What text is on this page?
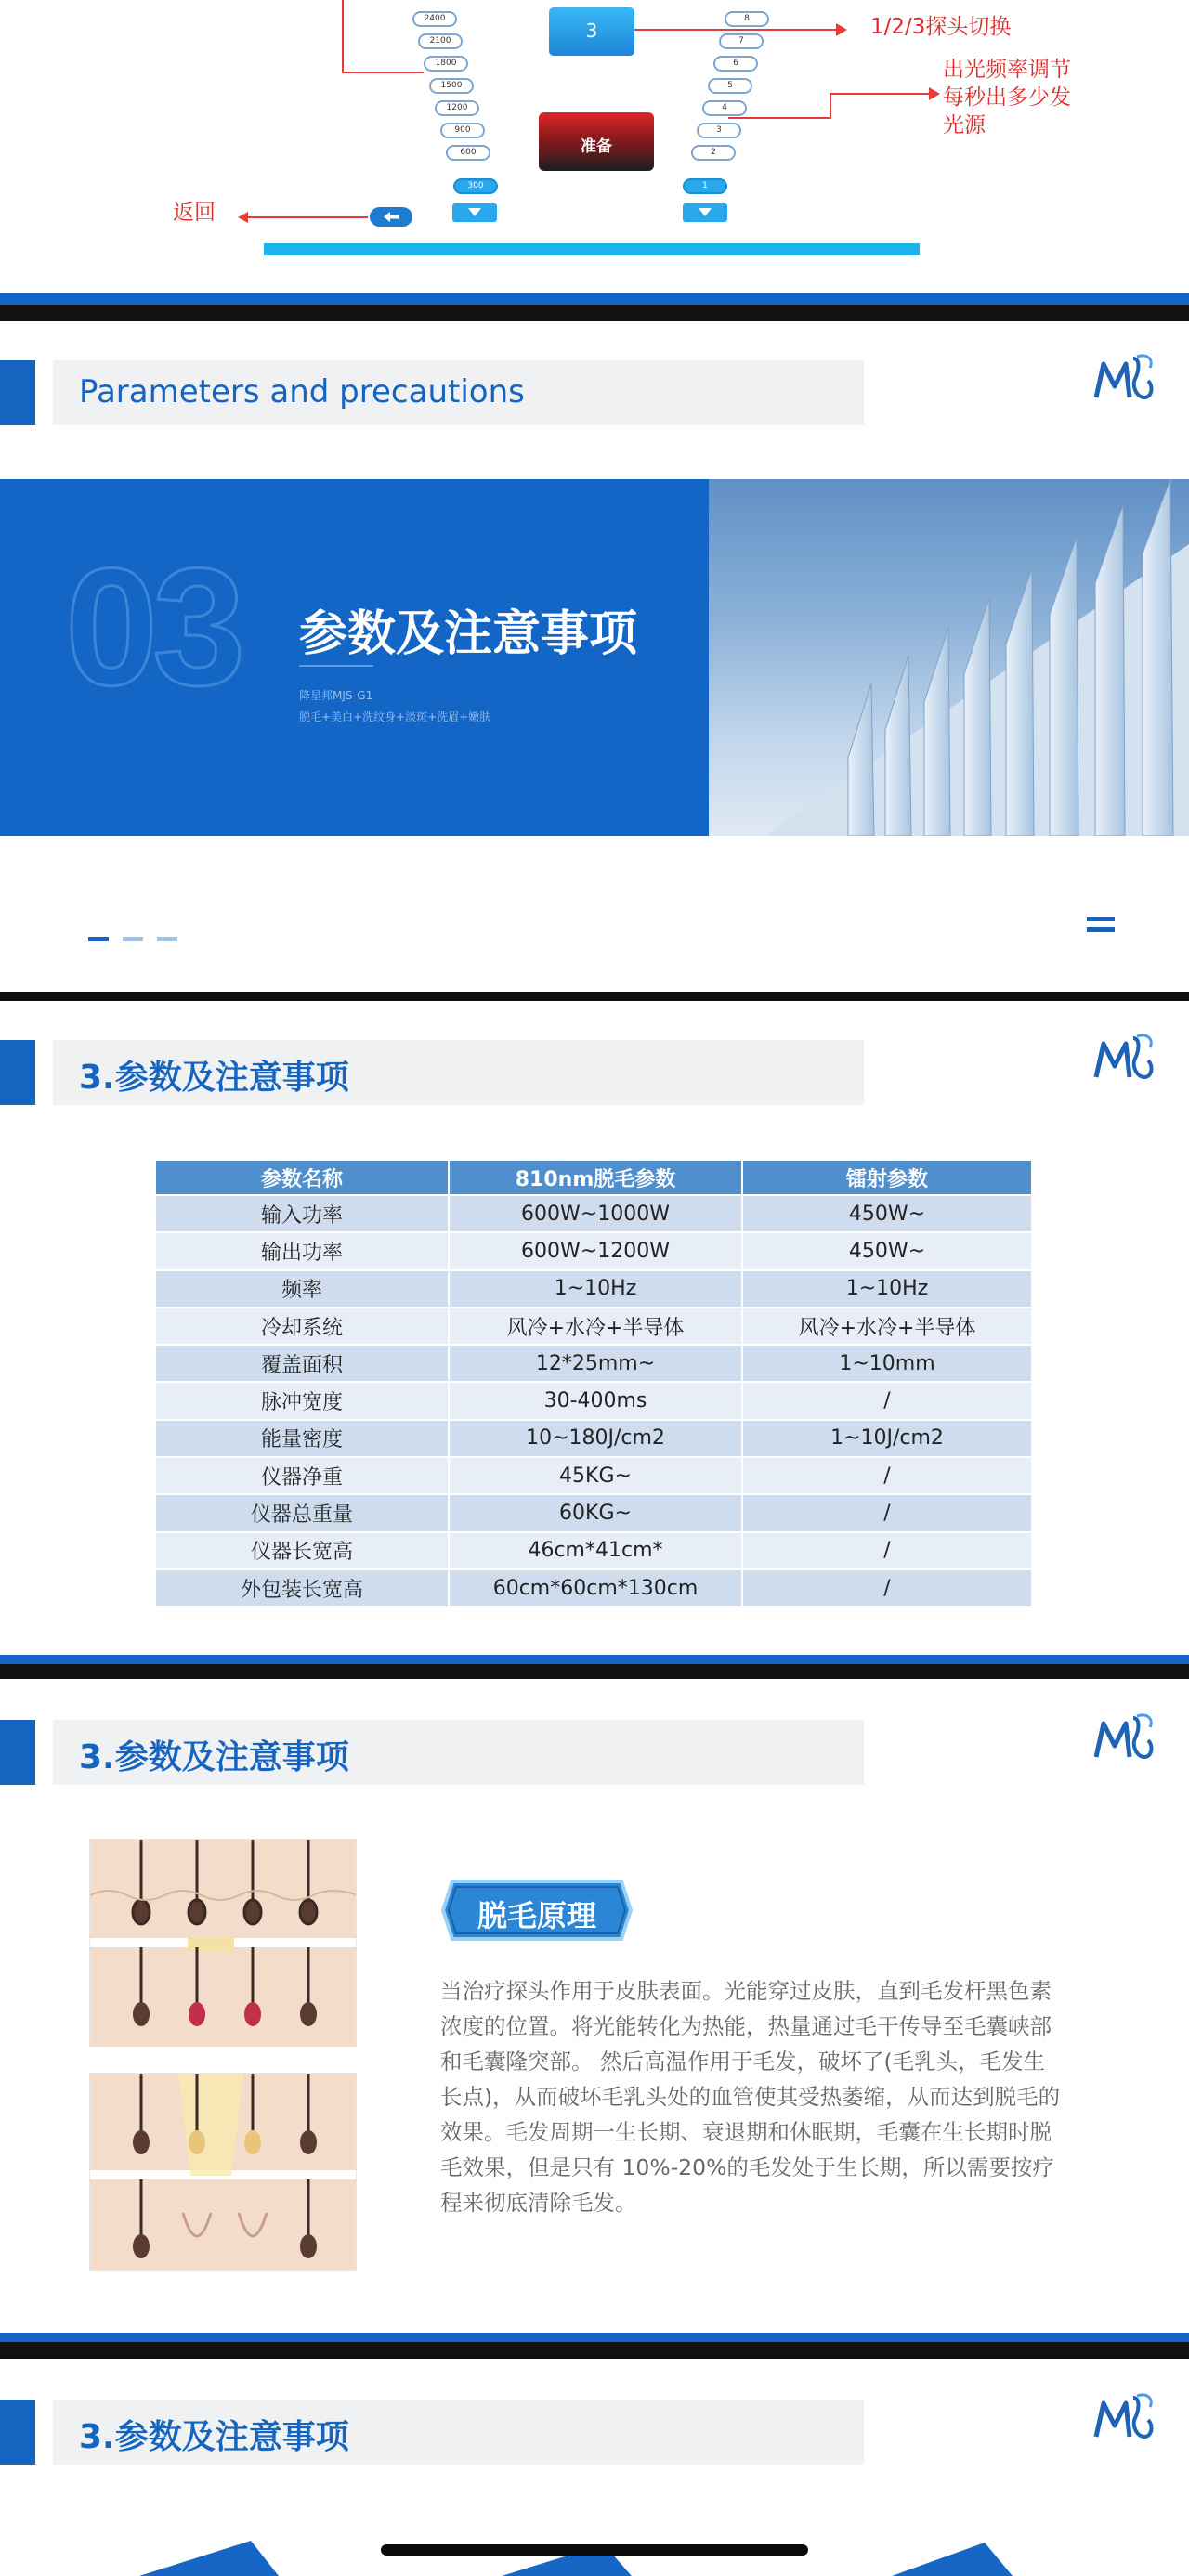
2400
2100
1800
1500
1200
900
600
300
8
7
6
5
4
3
2
1
3	1/2/3探头切换
出光频率调节
每秒出多少发
光源
准备
返回
Parameters and precautions
03 参数及注意事项
降星邦MJS-G1
脱毛+美白+洗纹身+淡斑+洗眉+嫩肤
3.参数及注意事项
参数名称	810nm脱毛参数	镭射参数
输入功率	600W~1000W	450W~
输出功率	600W~1200W	450W~
频率	1~10Hz	1~10Hz
冷却系统	风冷+水冷+半导体	风冷+水冷+半导体
覆盖面积	12*25mm~	1~10mm
脉冲宽度	30-400ms	/
能量密度	10~180J/cm2	1~10J/cm2
仪器净重	45KG~	/
仪器总重量	60KG~	/
仪器长宽高	46cm*41cm*	/
外包装长宽高	60cm*60cm*130cm	/
3.参数及注意事项
脱毛原理
当治疗探头作用于皮肤表面。光能穿过皮肤，直到毛发杆黑色素浓度的位置。将光能转化为热能，热量通过毛干传导至毛囊峡部和毛囊隆突部。 然后高温作用于毛发，破坏了(毛乳头，毛发生长点)，从而破坏毛乳头处的血管使其受热萎缩，从而达到脱毛的效果。毛发周期一生长期、衰退期和休眠期，毛囊在生长期时脱毛效果，但是只有 10%-20%的毛发处于生长期，所以需要按疗程来彻底清除毛发。
3.参数及注意事项
